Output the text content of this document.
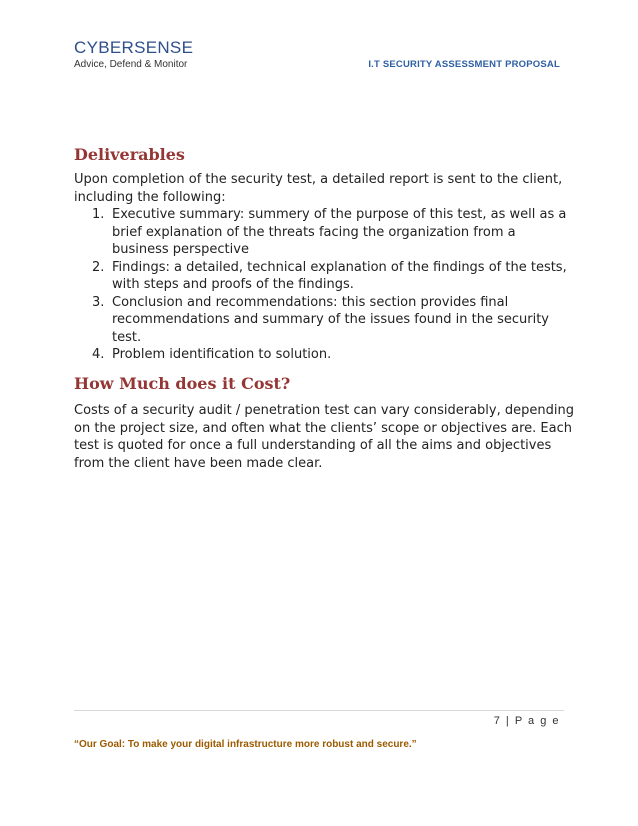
CYBERSENSE
Advice, Defend & Monitor	I.T SECURITY ASSESSMENT PROPOSAL
Deliverables

Upon completion of the security test, a detailed report is sent to the client, including the following:

1. Executive summary: summery of the purpose of this test, as well as a brief explanation of the threats facing the organization from a business perspective
2. Findings: a detailed, technical explanation of the findings of the tests, with steps and proofs of the findings.
3. Conclusion and recommendations: this section provides final recommendations and summary of the issues found in the security test.
4. Problem identification to solution.
How Much does it Cost?

Costs of a security audit / penetration test can vary considerably, depending on the project size, and often what the clients’ scope or objectives are. Each test is quoted for once a full understanding of all the aims and objectives from the client have been made clear.

7 | P a g e
“Our Goal: To make your digital infrastructure more robust and secure.”
